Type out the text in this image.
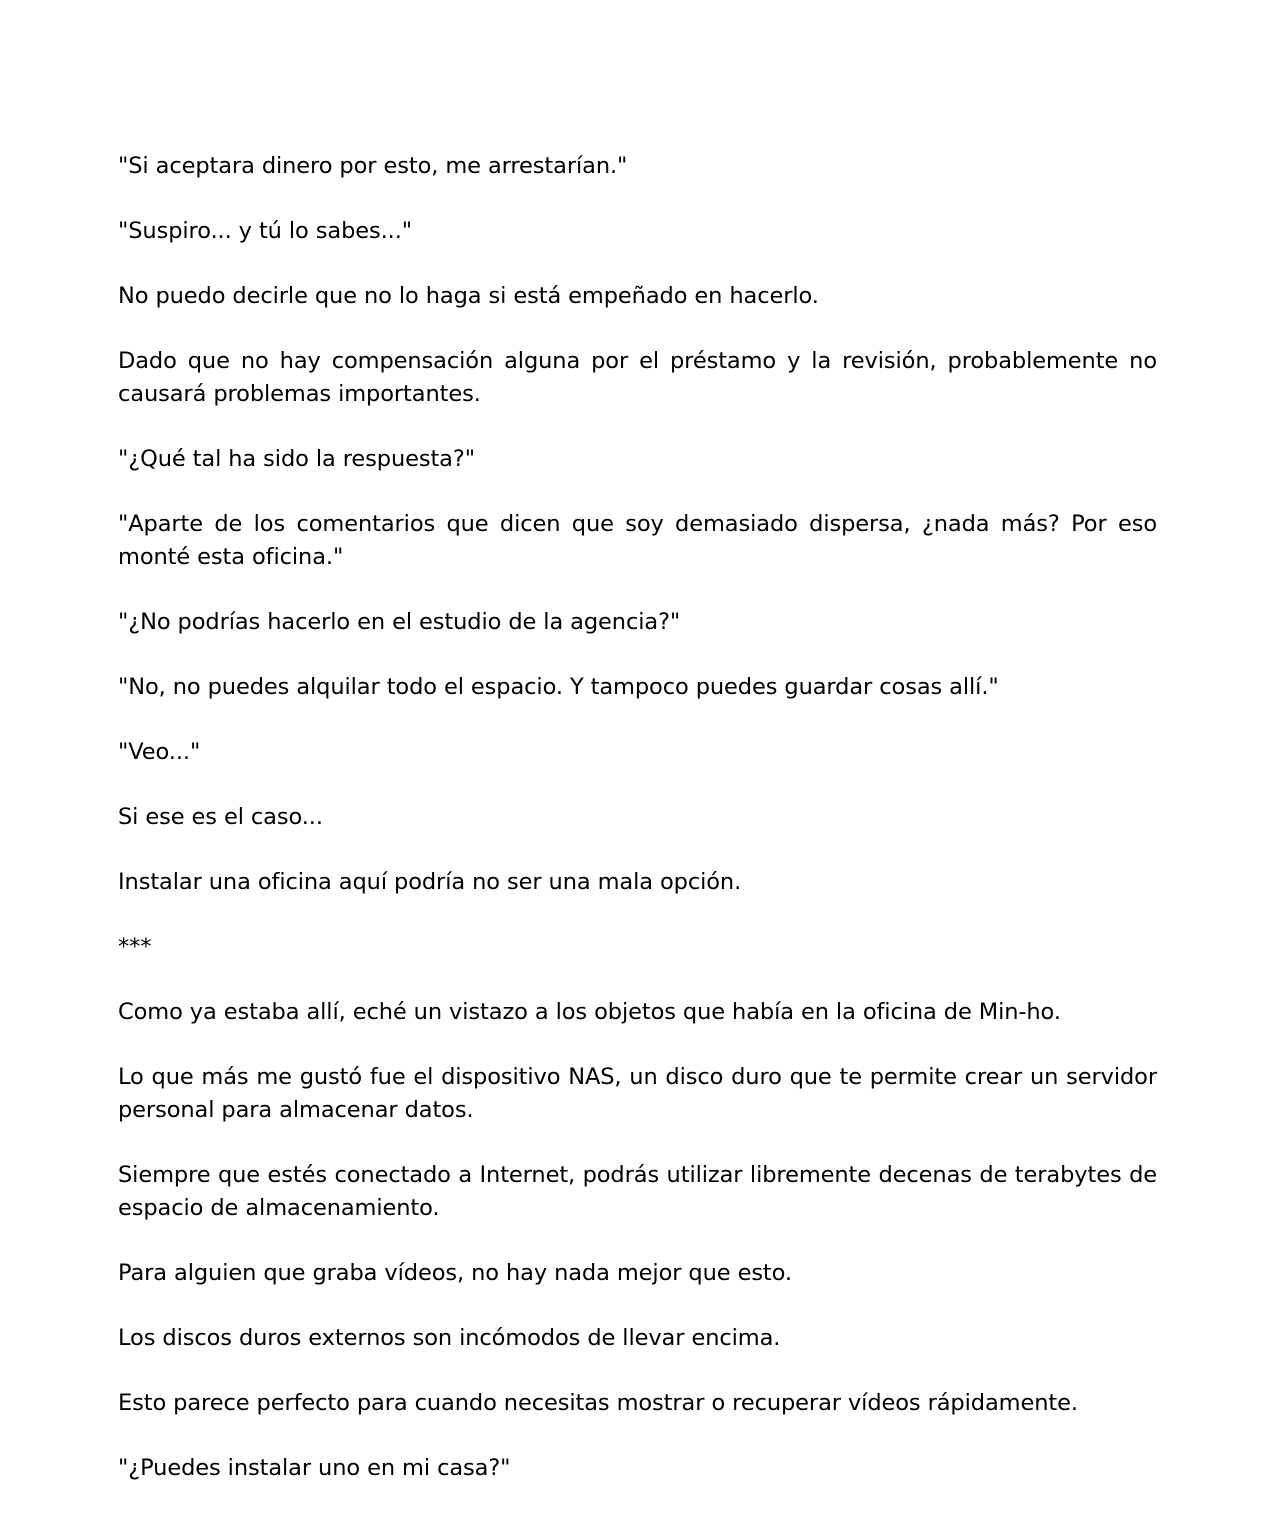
"Si aceptara dinero por esto, me arrestarían."

"Suspiro... y tú lo sabes..."

No puedo decirle que no lo haga si está empeñado en hacerlo.

Dado que no hay compensación alguna por el préstamo y la revisión, probablemente no causará problemas importantes.

"¿Qué tal ha sido la respuesta?"

"Aparte de los comentarios que dicen que soy demasiado dispersa, ¿nada más? Por eso monté esta oficina."

"¿No podrías hacerlo en el estudio de la agencia?"

"No, no puedes alquilar todo el espacio. Y tampoco puedes guardar cosas allí."

"Veo..."

Si ese es el caso...

Instalar una oficina aquí podría no ser una mala opción.

***

Como ya estaba allí, eché un vistazo a los objetos que había en la oficina de Min-ho.

Lo que más me gustó fue el dispositivo NAS, un disco duro que te permite crear un servidor personal para almacenar datos.

Siempre que estés conectado a Internet, podrás utilizar libremente decenas de terabytes de espacio de almacenamiento.

Para alguien que graba vídeos, no hay nada mejor que esto.

Los discos duros externos son incómodos de llevar encima.

Esto parece perfecto para cuando necesitas mostrar o recuperar vídeos rápidamente.

"¿Puedes instalar uno en mi casa?"
